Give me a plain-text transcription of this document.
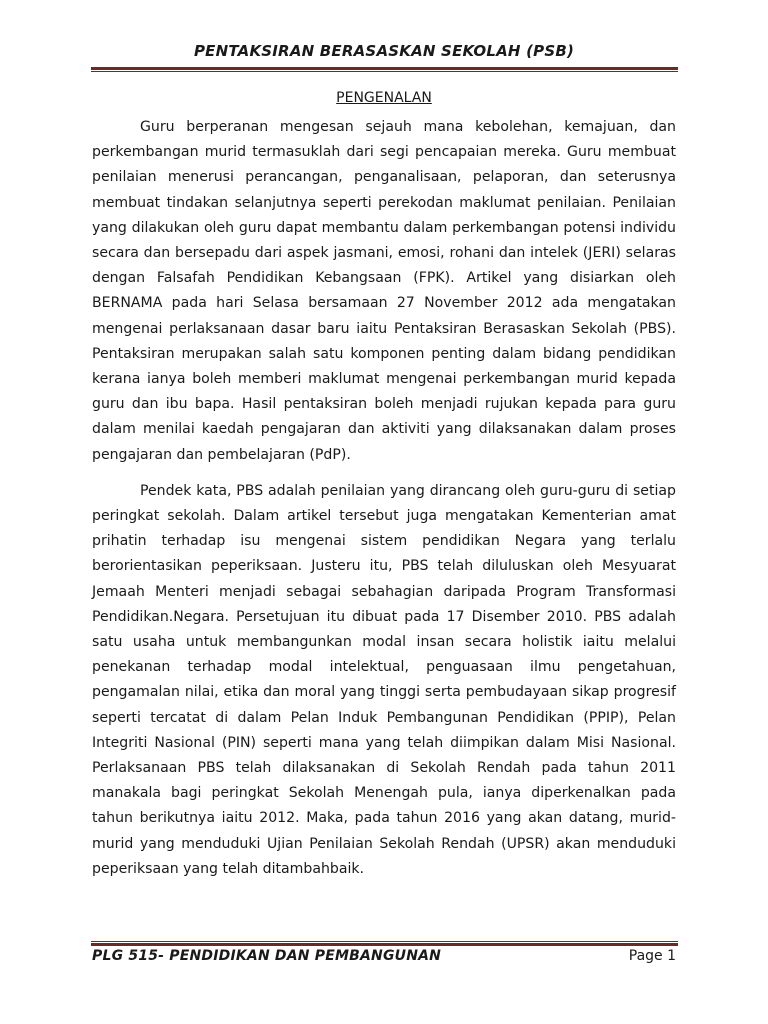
PENTAKSIRAN BERASASKAN SEKOLAH (PSB)
PENGENALAN

Guru berperanan mengesan sejauh mana kebolehan, kemajuan, dan perkembangan murid termasuklah dari segi pencapaian mereka. Guru membuat penilaian menerusi perancangan, penganalisaan, pelaporan, dan seterusnya membuat tindakan selanjutnya seperti perekodan maklumat penilaian. Penilaian yang dilakukan oleh guru dapat membantu dalam perkembangan potensi individu secara dan bersepadu dari aspek jasmani, emosi, rohani dan intelek (JERI) selaras dengan Falsafah Pendidikan Kebangsaan (FPK). Artikel yang disiarkan oleh BERNAMA pada hari Selasa bersamaan 27 November 2012 ada mengatakan mengenai perlaksanaan dasar baru iaitu Pentaksiran Berasaskan Sekolah (PBS). Pentaksiran merupakan salah satu komponen penting dalam bidang pendidikan kerana ianya boleh memberi maklumat mengenai perkembangan murid kepada guru dan ibu bapa. Hasil pentaksiran boleh menjadi rujukan kepada para guru dalam menilai kaedah pengajaran dan aktiviti yang dilaksanakan dalam proses pengajaran dan pembelajaran (PdP).

Pendek kata, PBS adalah penilaian yang dirancang oleh guru-guru di setiap peringkat sekolah. Dalam artikel tersebut juga mengatakan Kementerian amat prihatin terhadap isu mengenai sistem pendidikan Negara yang terlalu berorientasikan peperiksaan. Justeru itu, PBS telah diluluskan oleh Mesyuarat Jemaah Menteri menjadi sebagai sebahagian daripada Program Transformasi Pendidikan.Negara. Persetujuan itu dibuat pada 17 Disember 2010. PBS adalah satu usaha untuk membangunkan modal insan secara holistik iaitu melalui penekanan terhadap modal intelektual, penguasaan ilmu pengetahuan, pengamalan nilai, etika dan moral yang tinggi serta pembudayaan sikap progresif seperti tercatat di dalam Pelan Induk Pembangunan Pendidikan (PPIP), Pelan Integriti Nasional (PIN) seperti mana yang telah diimpikan dalam Misi Nasional. Perlaksanaan PBS telah dilaksanakan di Sekolah Rendah pada tahun 2011 manakala bagi peringkat Sekolah Menengah pula, ianya diperkenalkan pada tahun berikutnya iaitu 2012. Maka, pada tahun 2016 yang akan datang, murid-murid yang menduduki Ujian Penilaian Sekolah Rendah (UPSR) akan menduduki peperiksaan yang telah ditambahbaik.

PLG 515- PENDIDIKAN DAN PEMBANGUNAN	Page 1
